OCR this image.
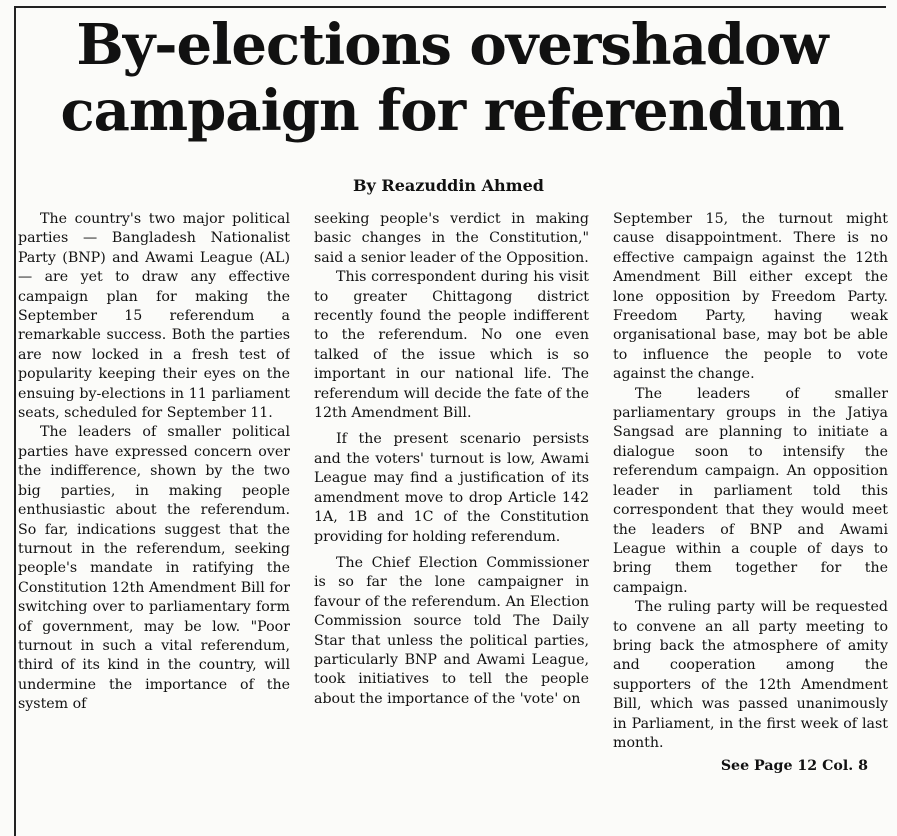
By-elections overshadow
campaign for referendum
By Reazuddin Ahmed

The country's two major political parties — Bangladesh Nationalist Party (BNP) and Awami League (AL) — are yet to draw any effective campaign plan for making the September 15 referendum a remarkable success. Both the parties are now locked in a fresh test of popularity keeping their eyes on the ensuing by-elections in 11 parliament seats, scheduled for September 11.

The leaders of smaller political parties have expressed concern over the indifference, shown by the two big parties, in making people enthusiastic about the referendum. So far, indications suggest that the turnout in the referendum, seeking people's mandate in ratifying the Constitution 12th Amendment Bill for switching over to parliamentary form of government, may be low. "Poor turnout in such a vital referendum, third of its kind in the country, will undermine the importance of the system of

seeking people's verdict in making basic changes in the Constitution," said a senior leader of the Opposition.

This correspondent during his visit to greater Chittagong district recently found the people indifferent to the referendum. No one even talked of the issue which is so important in our national life. The referendum will decide the fate of the 12th Amendment Bill.

If the present scenario persists and the voters' turnout is low, Awami League may find a justification of its amendment move to drop Article 142 1A, 1B and 1C of the Constitution providing for holding referendum.

The Chief Election Commissioner is so far the lone campaigner in favour of the referendum. An Election Commission source told The Daily Star that unless the political parties, particularly BNP and Awami League, took initiatives to tell the people about the importance of the 'vote' on

September 15, the turnout might cause disappointment. There is no effective campaign against the 12th Amendment Bill either except the lone opposition by Freedom Party. Freedom Party, having weak organisational base, may bot be able to influence the people to vote against the change.

The leaders of smaller parliamentary groups in the Jatiya Sangsad are planning to initiate a dialogue soon to intensify the referendum campaign. An opposition leader in parliament told this correspondent that they would meet the leaders of BNP and Awami League within a couple of days to bring them together for the campaign.

The ruling party will be requested to convene an all party meeting to bring back the atmosphere of amity and cooperation among the supporters of the 12th Amendment Bill, which was passed unanimously in Parliament, in the first week of last month.

See Page 12 Col. 8
